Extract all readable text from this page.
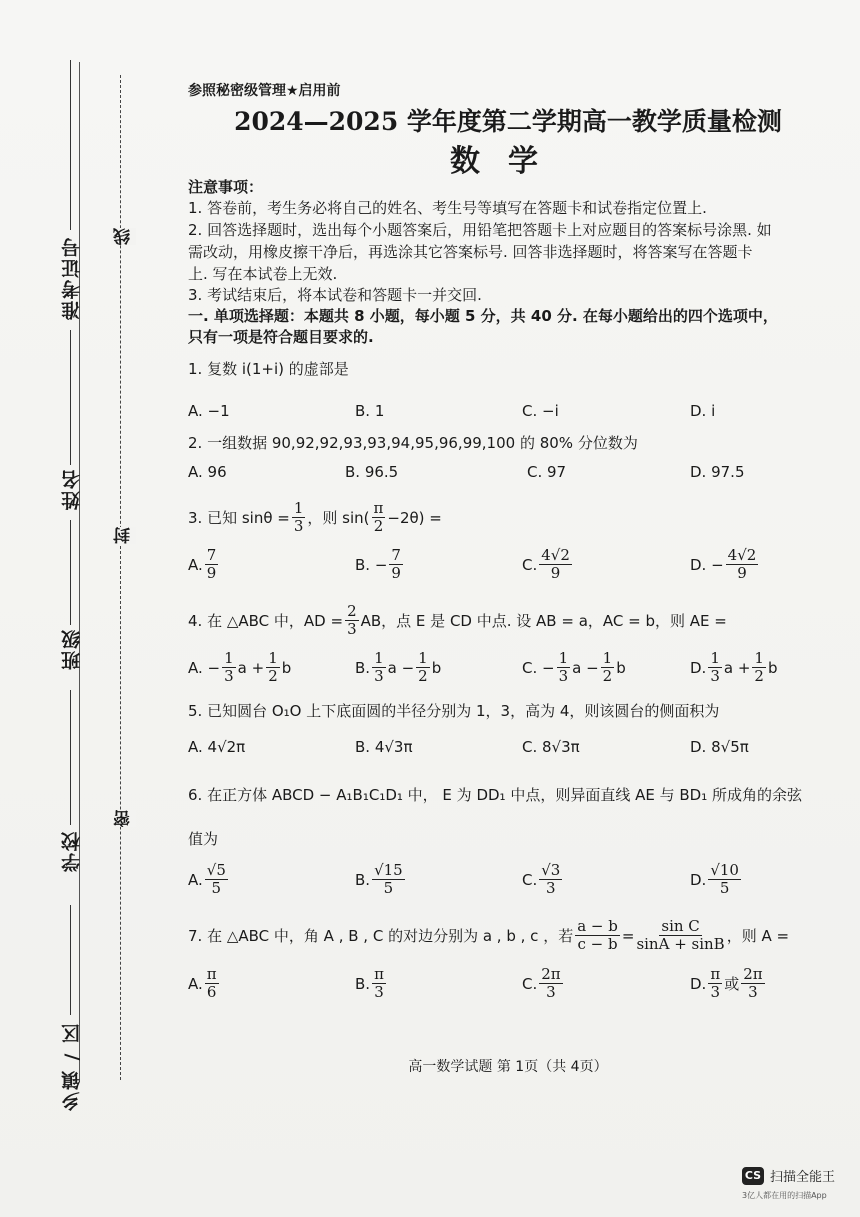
线
封
密
准考证号
姓名
班级
学校
乡镇 / 区
参照秘密级管理★启用前
2024—2025 学年度第二学期高一教学质量检测
数学
注意事项：
1. 答卷前，考生务必将自己的姓名、考生号等填写在答题卡和试卷指定位置上.
2. 回答选择题时，选出每个小题答案后，用铅笔把答题卡上对应题目的答案标号涂黑. 如
需改动，用橡皮擦干净后，再选涂其它答案标号. 回答非选择题时，将答案写在答题卡
上. 写在本试卷上无效.
3. 考试结束后，将本试卷和答题卡一并交回.
一. 单项选择题：本题共 8 小题，每小题 5 分，共 40 分. 在每小题给出的四个选项中，
只有一项是符合题目要求的.
1. 复数 i(1+i) 的虚部是
A. −1	B. 1	C. −i	D. i
2. 一组数据 90,92,92,93,93,94,95,96,99,100 的 80% 分位数为
A. 96	B. 96.5	C. 97	D. 97.5
3. 已知 $\sin\theta = \frac{1}{3}$ ，则 $\sin( \frac{\pi}{2} -2\theta)$ =
A. $\frac{7}{9}$	B. − $\frac{7}{9}$	C. $\frac{4√2}{9}$	D. − $\frac{4√2}{9}$
4. 在 △ABC 中，AD = $\frac{2}{3}$ AB，点 E 是 CD 中点. 设 AB = a，AC = b，则 AE =
A. − $\frac{1}{3}$ $a + \frac{1}{2}$ b	B. $\frac{1}{3}$ $a - \frac{1}{2}$ b	C. − $\frac{1}{3}$ $a - \frac{1}{2}$ b	D. $\frac{1}{3}$ $a + \frac{1}{2}$ b
5. 已知圆台 O₁O 上下底面圆的半径分别为 1，3，高为 4，则该圆台的侧面积为
A. 4√2π	B. 4√3π	C. 8√3π	D. 8√5π
6. 在正方体 ABCD − A₁B₁C₁D₁ 中， E 为 DD₁ 中点，则异面直线 AE 与 BD₁ 所成角的余弦
值为
A. $\frac{√5}{5}$	B. $\frac{√15}{5}$	C. $\frac{√3}{3}$	D. $\frac{√10}{5}$
7. 在 △ABC 中，角 A , B , C 的对边分别为 a , b , c ，若 $\frac{a - b}{c - b} = \frac{\text{sin C}}{\sin A + \sin B}$ ，则 A =
A. $\frac{\pi}{6}$	B. $\frac{\pi}{3}$	C. $\frac{2\pi}{3}$	D. $\frac{\pi}{3}$ 或 $\frac{2\pi}{3}$
高一数学试题 第 1页（共 4页）
CS 扫描全能王
3亿人都在用的扫描App
